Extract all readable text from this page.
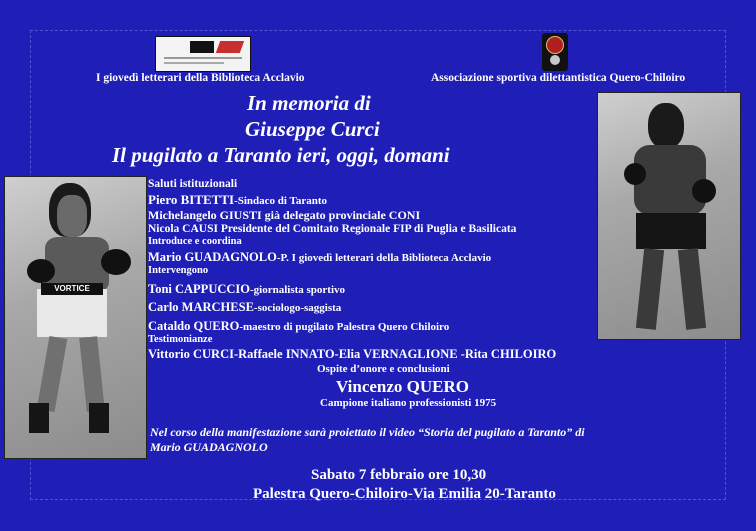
I giovedì letterari della Biblioteca Acclavio	Associazione sportiva dilettantistica Quero-Chiloiro
In memoria di
Giuseppe Curci
Il pugilato a Taranto ieri, oggi, domani
VORTICE
Saluti istituzionali
Piero BITETTI-Sindaco di Taranto
Michelangelo GIUSTI già delegato provinciale CONI
Nicola CAUSI Presidente del Comitato Regionale FIP di Puglia e Basilicata
Introduce e coordina
Mario GUADAGNOLO-P. I giovedì letterari della Biblioteca Acclavio
Intervengono
Toni CAPPUCCIO-giornalista sportivo
Carlo MARCHESE-sociologo-saggista
Cataldo QUERO-maestro di pugilato Palestra Quero Chiloiro
Testimonianze
Vittorio CURCI-Raffaele INNATO-Elia VERNAGLIONE -Rita CHILOIRO
Ospite d’onore e conclusioni
Vincenzo QUERO
Campione italiano professionisti 1975
Nel corso della manifestazione sarà proiettato il video “Storia del pugilato a Taranto” di
Mario GUADAGNOLO
Sabato 7 febbraio ore 10,30
Palestra Quero-Chiloiro-Via Emilia 20-Taranto
